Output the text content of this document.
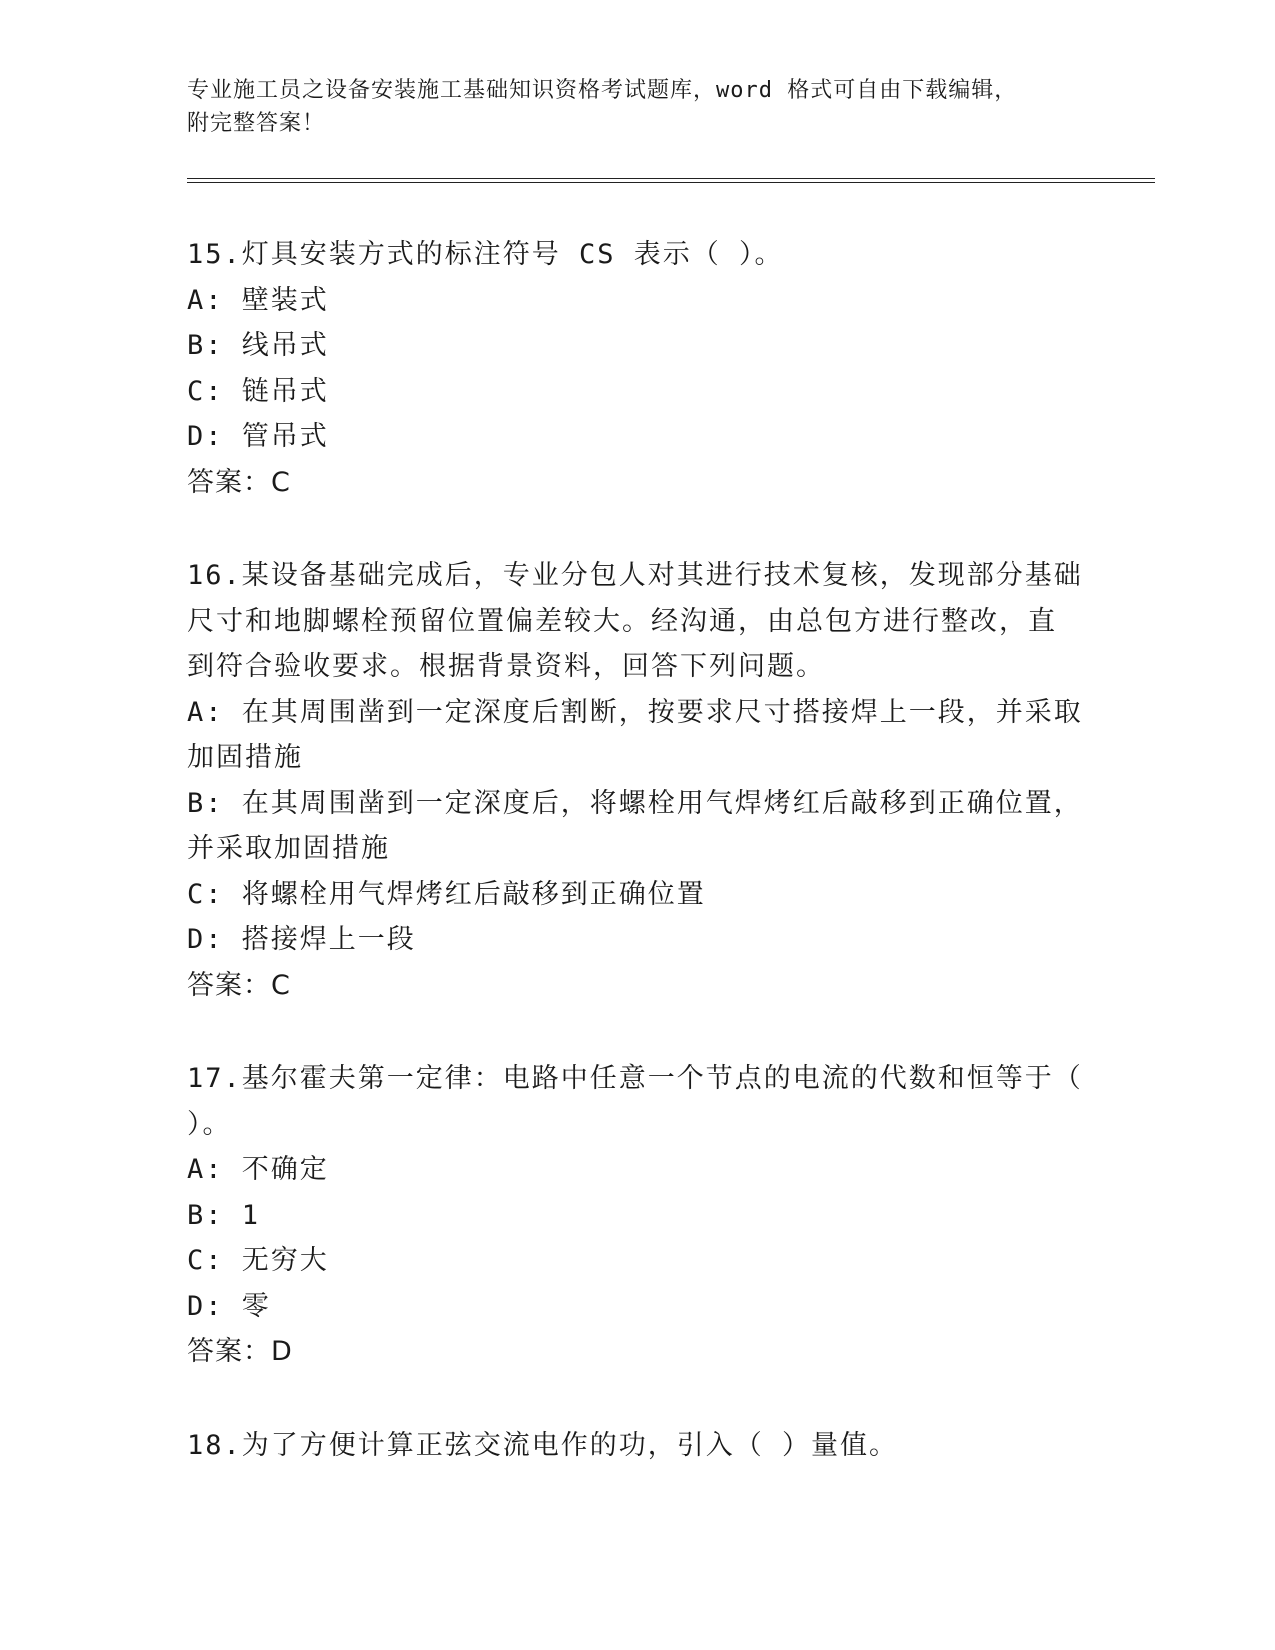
专业施工员之设备安装施工基础知识资格考试题库，word 格式可自由下载编辑，
附完整答案！
15.灯具安装方式的标注符号 CS 表示（ ）。
A: 壁装式
B: 线吊式
C: 链吊式
D: 管吊式
答案：C
16.某设备基础完成后，专业分包人对其进行技术复核，发现部分基础
尺寸和地脚螺栓预留位置偏差较大。经沟通，由总包方进行整改，直
到符合验收要求。根据背景资料，回答下列问题。
A: 在其周围凿到一定深度后割断，按要求尺寸搭接焊上一段，并采取
加固措施
B: 在其周围凿到一定深度后，将螺栓用气焊烤红后敲移到正确位置，
并采取加固措施
C: 将螺栓用气焊烤红后敲移到正确位置
D: 搭接焊上一段
答案：C
17.基尔霍夫第一定律：电路中任意一个节点的电流的代数和恒等于（
）。
A: 不确定
B: 1
C: 无穷大
D: 零
答案：D
18.为了方便计算正弦交流电作的功，引入（ ）量值。
